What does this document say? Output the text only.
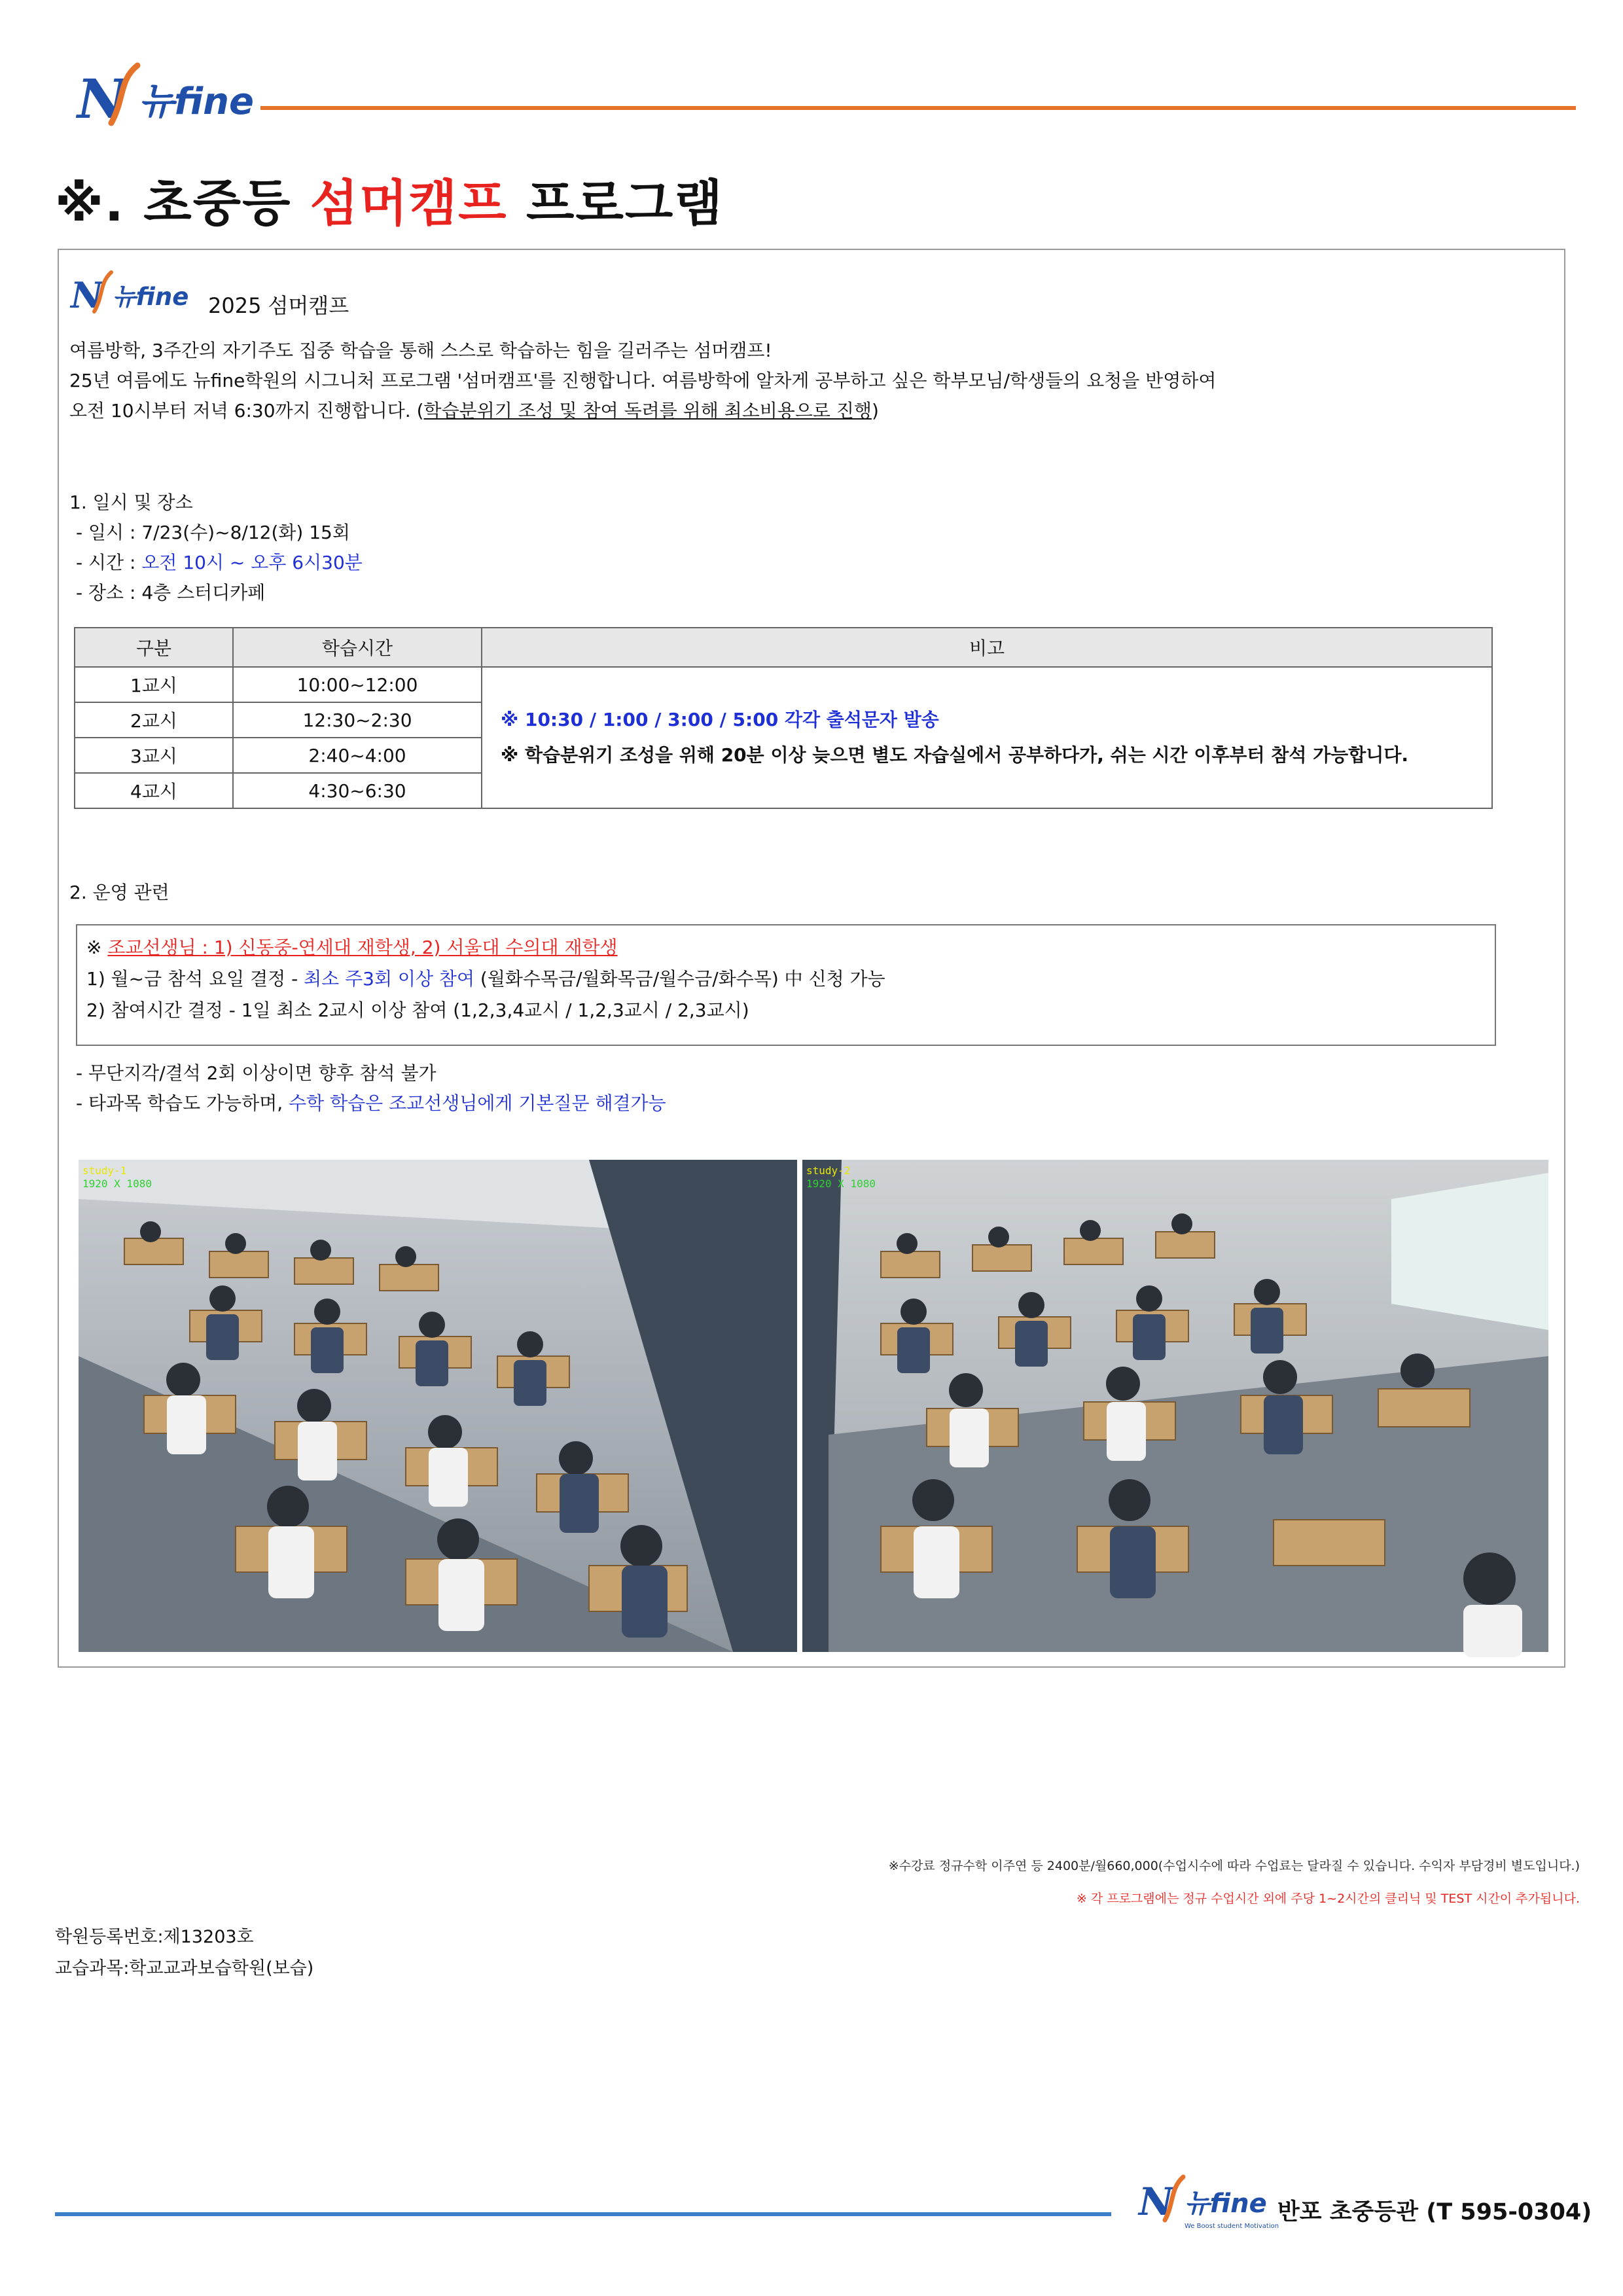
N 뉴fine
※. 초중등 섬머캠프 프로그램
N 뉴fine 2025 섬머캠프
여름방학, 3주간의 자기주도 집중 학습을 통해 스스로 학습하는 힘을 길러주는 섬머캠프!
25년 여름에도 뉴fine학원의 시그니처 프로그램 '섬머캠프'를 진행합니다. 여름방학에 알차게 공부하고 싶은 학부모님/학생들의 요청을 반영하여
오전 10시부터 저녁 6:30까지 진행합니다. (학습분위기 조성 및 참여 독려를 위해 최소비용으로 진행)
1. 일시 및 장소
- 일시 : 7/23(수)~8/12(화) 15회
- 시간 : 오전 10시 ~ 오후 6시30분
- 장소 : 4층 스터디카페
구분	학습시간	비고
1교시	10:00~12:00	※ 10:30 / 1:00 / 3:00 / 5:00 각각 출석문자 발송
※ 학습분위기 조성을 위해 20분 이상 늦으면 별도 자습실에서 공부하다가, 쉬는 시간 이후부터 참석 가능합니다.

2교시	12:30~2:30	
3교시	2:40~4:00	
4교시	4:30~6:30	
2. 운영 관련
※ 조교선생님 : 1) 신동중-연세대 재학생, 2) 서울대 수의대 재학생
1) 월~금 참석 요일 결정 - 최소 주3회 이상 참여 (월화수목금/월화목금/월수금/화수목) 中 신청 가능
2) 참여시간 결정 - 1일 최소 2교시 이상 참여 (1,2,3,4교시 / 1,2,3교시 / 2,3교시)
- 무단지각/결석 2회 이상이면 향후 참석 불가
- 타과목 학습도 가능하며, 수학 학습은 조교선생님에게 기본질문 해결가능
study-1
1920 X 1080
study-2
1920 X 1080
※수강료 정규수학 이주연 등 2400분/월660,000(수업시수에 따라 수업료는 달라질 수 있습니다. 수익자 부담경비 별도입니다.)
※ 각 프로그램에는 정규 수업시간 외에 주당 1~2시간의 클리닉 및 TEST 시간이 추가됩니다.
학원등록번호:제13203호
교습과목:학교교과보습학원(보습)
N 뉴fine
We Boost student Motivation
반포 초중등관 (T 595-0304)
